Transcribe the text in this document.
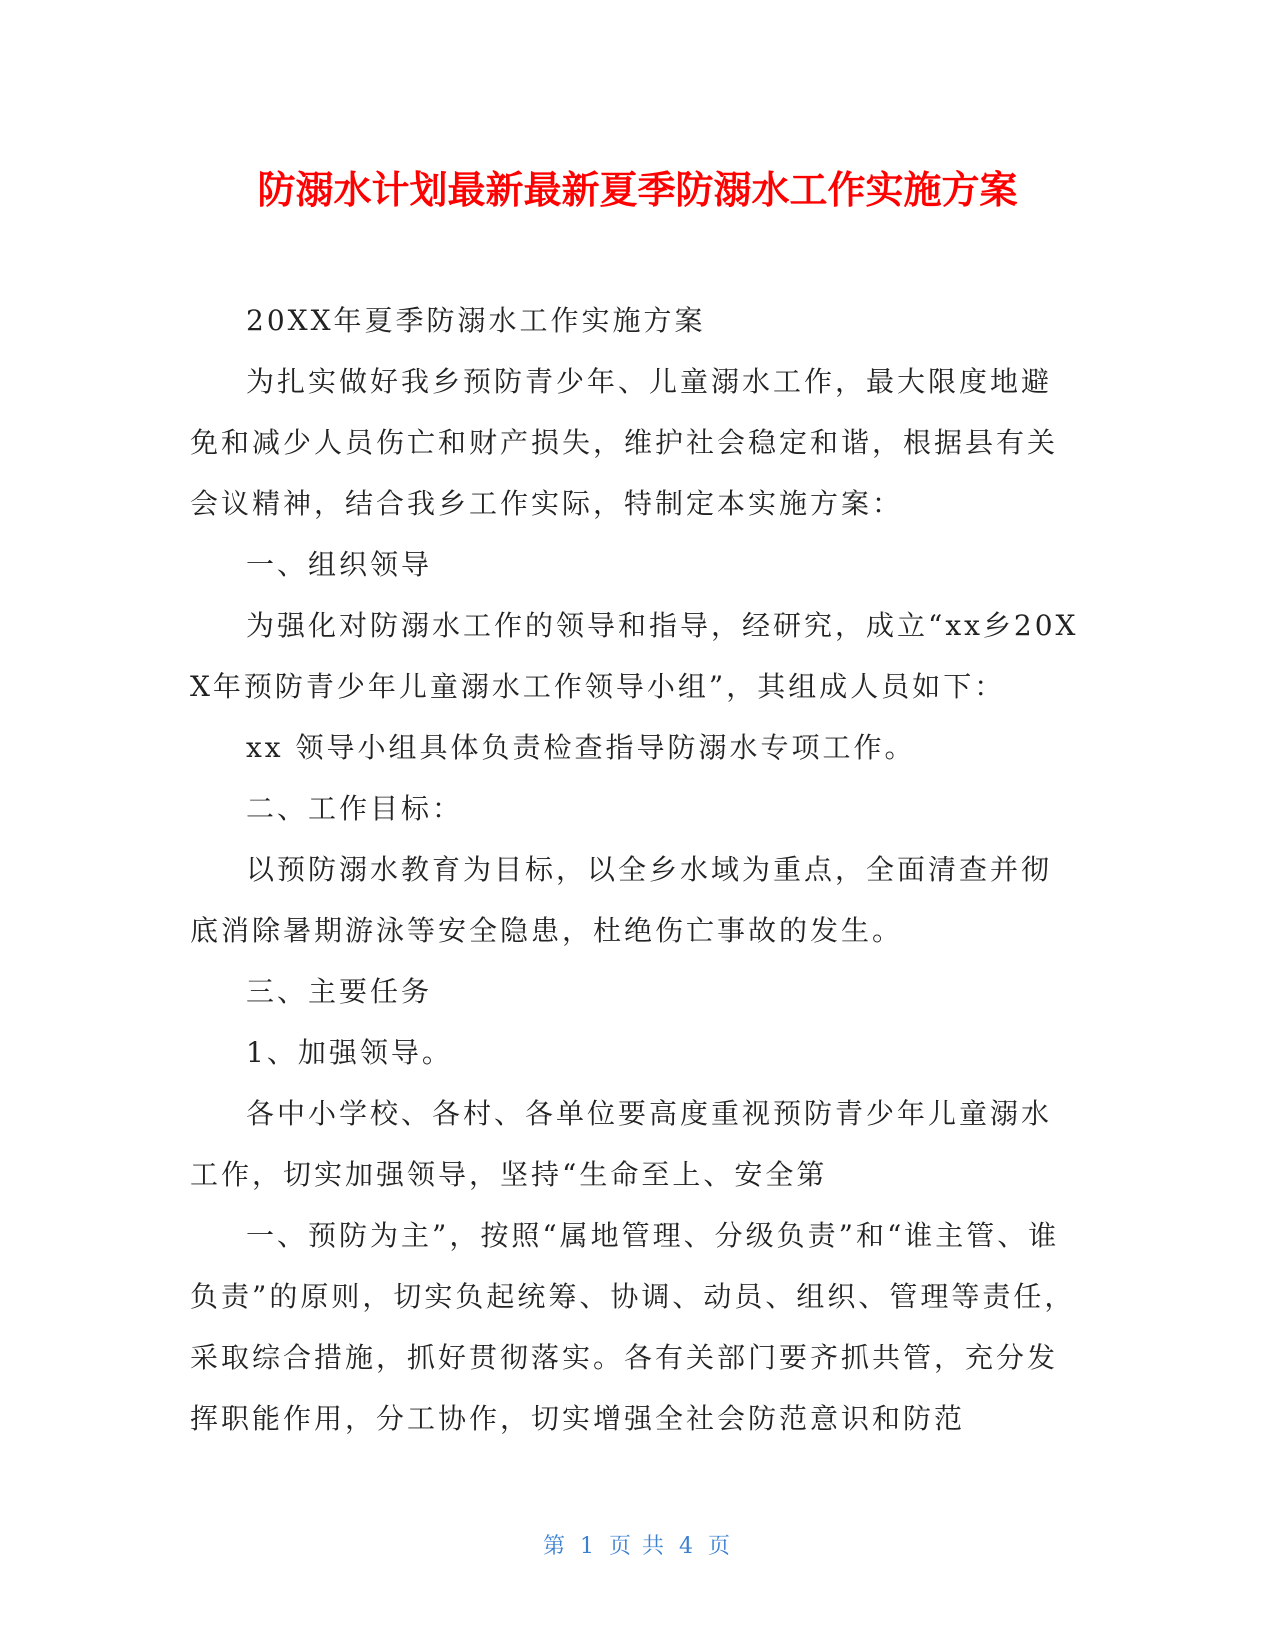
防溺水计划最新最新夏季防溺水工作实施方案

20XX年夏季防溺水工作实施方案

为扎实做好我乡预防青少年、儿童溺水工作，最大限度地避免和减少人员伤亡和财产损失，维护社会稳定和谐，根据县有关会议精神，结合我乡工作实际，特制定本实施方案：

一、组织领导

为强化对防溺水工作的领导和指导，经研究，成立“xx乡20XX年预防青少年儿童溺水工作领导小组”，其组成人员如下：

xx 领导小组具体负责检查指导防溺水专项工作。

二、工作目标：

以预防溺水教育为目标，以全乡水域为重点，全面清查并彻底消除暑期游泳等安全隐患，杜绝伤亡事故的发生。

三、主要任务

1、加强领导。

各中小学校、各村、各单位要高度重视预防青少年儿童溺水工作，切实加强领导，坚持“生命至上、安全第

一、预防为主”，按照“属地管理、分级负责”和“谁主管、谁负责”的原则，切实负起统筹、协调、动员、组织、管理等责任，采取综合措施，抓好贯彻落实。各有关部门要齐抓共管，充分发挥职能作用，分工协作，切实增强全社会防范意识和防范

第 1 页 共 4 页
